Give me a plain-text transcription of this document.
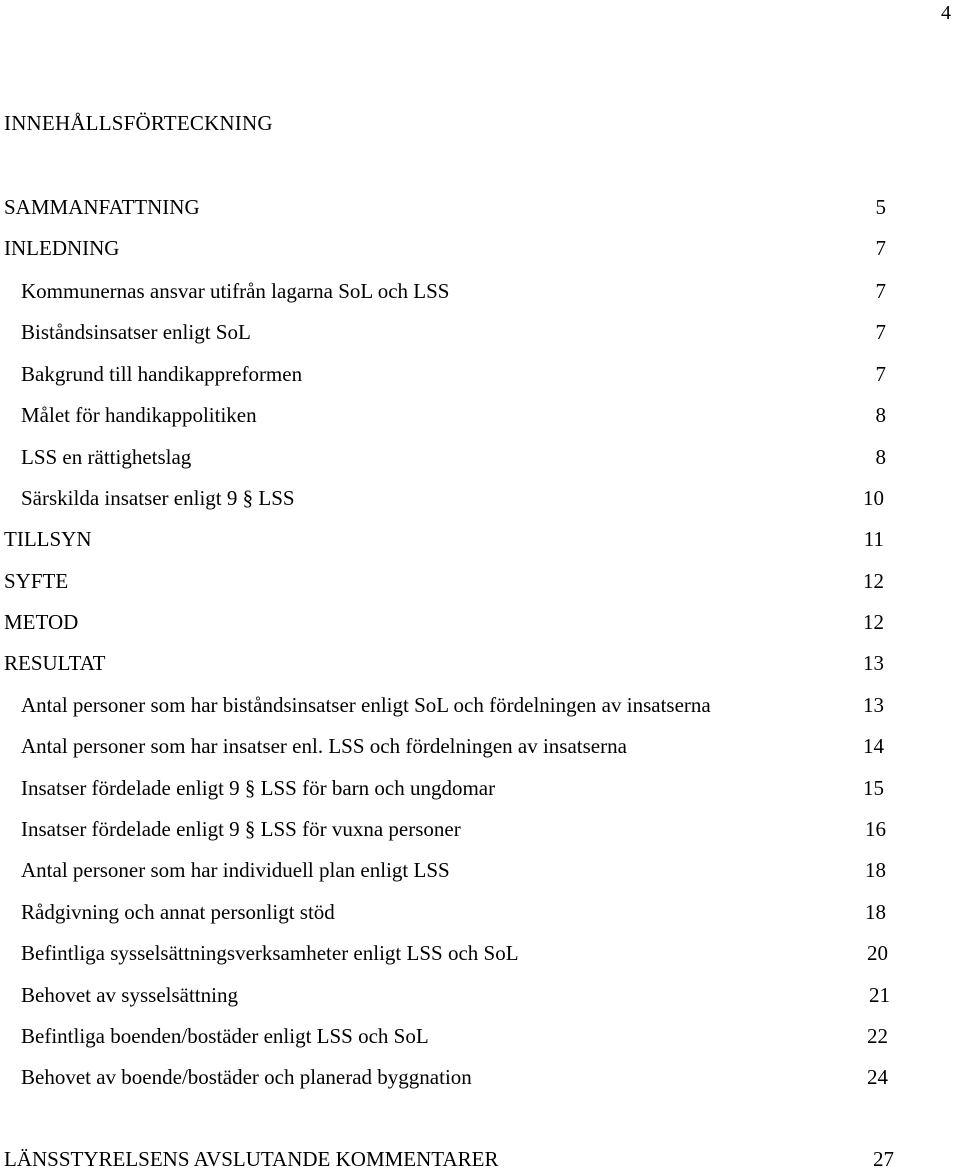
4
INNEHÅLLSFÖRTECKNING
SAMMANFATTNING	5
INLEDNING	7
Kommunernas ansvar utifrån lagarna SoL och LSS	7
Biståndsinsatser enligt SoL	7
Bakgrund till handikappreformen	7
Målet för handikappolitiken	8
LSS en rättighetslag	8
Särskilda insatser enligt 9 § LSS	10
TILLSYN	11
SYFTE	12
METOD	12
RESULTAT	13
Antal personer som har biståndsinsatser enligt SoL och fördelningen av insatserna	13
Antal personer som har insatser enl. LSS och fördelningen av insatserna	14
Insatser fördelade enligt 9 § LSS för barn och ungdomar	15
Insatser fördelade enligt 9 § LSS för vuxna personer	16
Antal personer som har individuell plan enligt LSS	18
Rådgivning och annat personligt stöd	18
Befintliga sysselsättningsverksamheter enligt LSS och SoL	20
Behovet av sysselsättning	21
Befintliga boenden/bostäder enligt LSS och SoL	22
Behovet av boende/bostäder och planerad byggnation	24
LÄNSSTYRELSENS AVSLUTANDE KOMMENTARER	27
